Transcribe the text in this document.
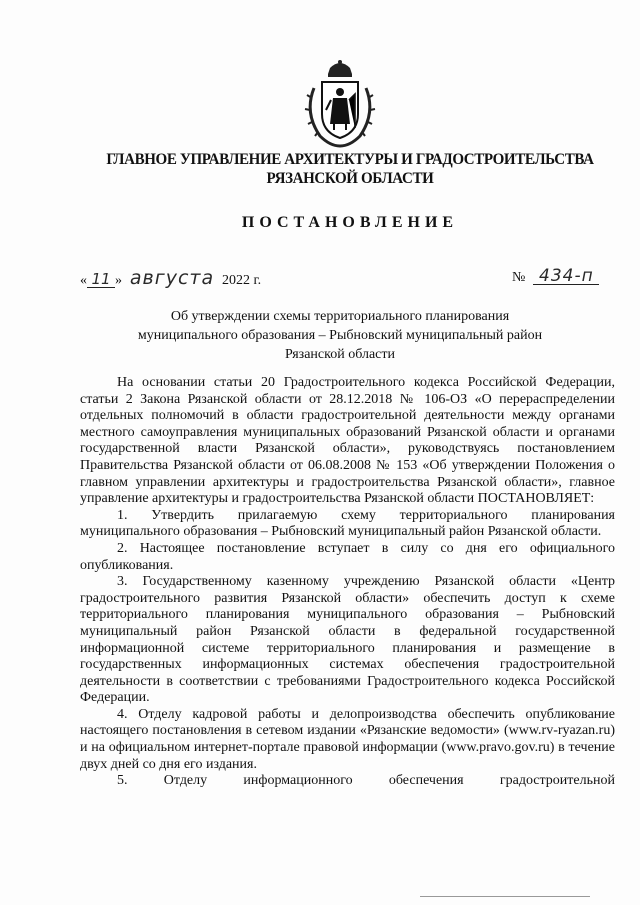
ГЛАВНОЕ УПРАВЛЕНИЕ АРХИТЕКТУРЫ И ГРАДОСТРОИТЕЛЬСТВА
РЯЗАНСКОЙ ОБЛАСТИ
ПОСТАНОВЛЕНИЕ
« 11 » августа 2022 г.	№ 434-п
Об утверждении схемы территориального планирования
муниципального образования – Рыбновский муниципальный район
Рязанской области

На основании статьи 20 Градостроительного кодекса Российской Федерации, статьи 2 Закона Рязанской области от 28.12.2018 № 106-ОЗ «О перераспределении отдельных полномочий в области градостроительной деятельности между органами местного самоуправления муниципальных образований Рязанской области и органами государственной власти Рязанской области», руководствуясь постановлением Правительства Рязанской области от 06.08.2008 № 153 «Об утверждении Положения о главном управлении архитектуры и градостроительства Рязанской области», главное управление архитектуры и градостроительства Рязанской области ПОСТАНОВЛЯЕТ:

1. Утвердить прилагаемую схему территориального планирования муниципального образования – Рыбновский муниципальный район Рязанской области.

2. Настоящее постановление вступает в силу со дня его официального опубликования.

3. Государственному казенному учреждению Рязанской области «Центр градостроительного развития Рязанской области» обеспечить доступ к схеме территориального планирования муниципального образования – Рыбновский муниципальный район Рязанской области в федеральной государственной информационной системе территориального планирования и размещение в государственных информационных системах обеспечения градостроительной деятельности в соответствии с требованиями Градостроительного кодекса Российской Федерации.

4. Отделу кадровой работы и делопроизводства обеспечить опубликование настоящего постановления в сетевом издании «Рязанские ведомости» (www.rv-ryazan.ru) и на официальном интернет-портале правовой информации (www.pravo.gov.ru) в течение двух дней со дня его издания.

5. Отделу информационного обеспечения градостроительной
